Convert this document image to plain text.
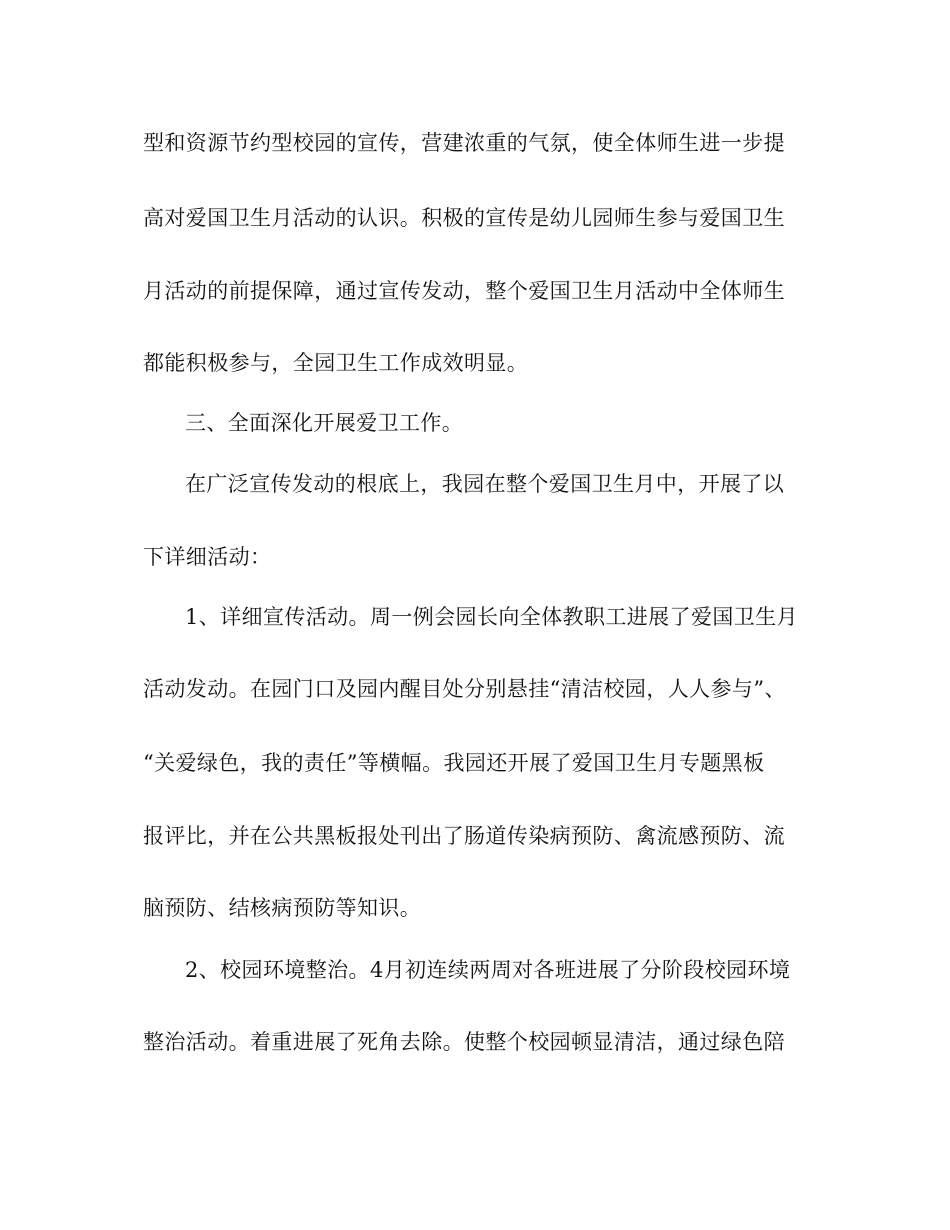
型和资源节约型校园的宣传，营建浓重的气氛，使全体师生进一步提
高对爱国卫生月活动的认识。积极的宣传是幼儿园师生参与爱国卫生
月活动的前提保障，通过宣传发动，整个爱国卫生月活动中全体师生
都能积极参与，全园卫生工作成效明显。
三、全面深化开展爱卫工作。
在广泛宣传发动的根底上，我园在整个爱国卫生月中，开展了以
下详细活动：
1、详细宣传活动。周一例会园长向全体教职工进展了爱国卫生月
活动发动。在园门口及园内醒目处分别悬挂“清洁校园，人人参与”、
“关爱绿色，我的责任”等横幅。我园还开展了爱国卫生月专题黑板
报评比，并在公共黑板报处刊出了肠道传染病预防、禽流感预防、流
脑预防、结核病预防等知识。
2、校园环境整治。4月初连续两周对各班进展了分阶段校园环境
整治活动。着重进展了死角去除。使整个校园顿显清洁，通过绿色陪
